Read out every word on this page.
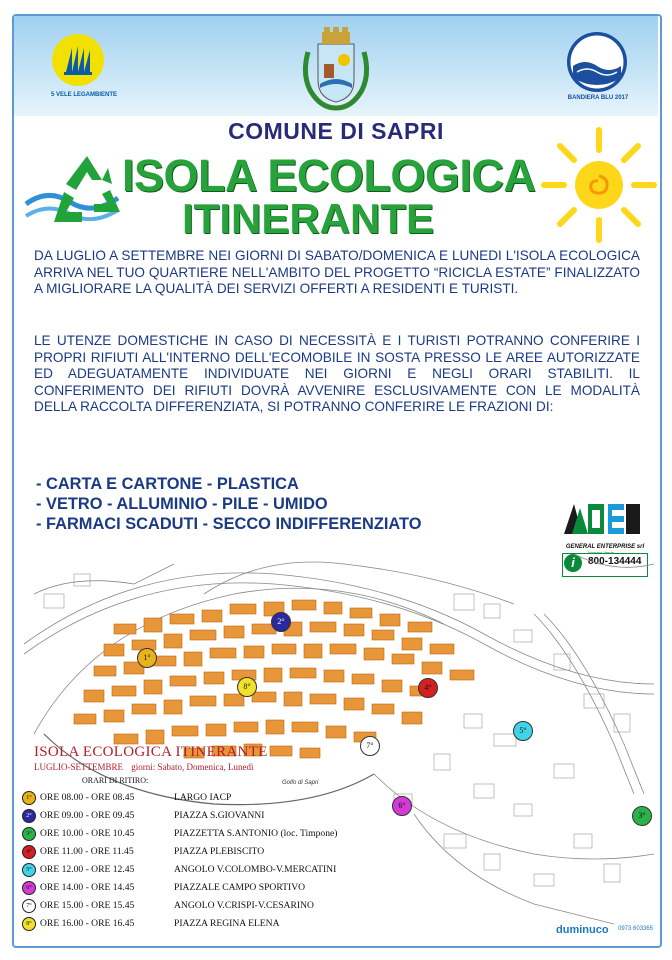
5 VELE LEGAMBIENTE	BANDIERA BLU 2017
COMUNE DI SAPRI
ISOLA ECOLOGICA
ITINERANTE
DA LUGLIO A SETTEMBRE NEI GIORNI DI SABATO/DOMENICA E LUNEDI L'ISOLA ECOLOGICA ARRIVA NEL TUO QUARTIERE NELL'AMBITO DEL PROGETTO “RICICLA ESTATE” FINALIZZATO A MIGLIORARE LA QUALITÀ DEI SERVIZI OFFERTI A RESIDENTI E TURISTI.
LE UTENZE DOMESTICHE IN CASO DI NECESSITÀ E I TURISTI POTRANNO CONFERIRE I PROPRI RIFIUTI ALL'INTERNO DELL'ECOMOBILE IN SOSTA PRESSO LE AREE AUTORIZZATE ED ADEGUATAMENTE INDIVIDUATE NEI GIORNI E NEGLI ORARI STABILITI. IL CONFERIMENTO DEI RIFIUTI DOVRÀ AVVENIRE ESCLUSIVAMENTE CON LE MODALITÀ DELLA RACCOLTA DIFFERENZIATA, SI POTRANNO CONFERIRE LE FRAZIONI DI:
- CARTA E CARTONE - PLASTICA
- VETRO - ALLUMINIO - PILE - UMIDO
- FARMACI SCADUTI - SECCO INDIFFERENZIATO
GENERAL ENTERPRISE srl
i
Numero Verde
800-134444
1°
2°
3°
4°
5°
6°
7°
8°
Golfo di Sapri
ISOLA ECOLOGICA ITINERANTE
LUGLIO-SETTEMBRE giorni: Sabato, Domenica, Lunedì
ORARI DI RITIRO:
1° ORE 08.00 - ORE 08.45	LARGO IACP
2° ORE 09.00 - ORE 09.45	PIAZZA S.GIOVANNI
3° ORE 10.00 - ORE 10.45	PIAZZETTA S.ANTONIO (loc. Timpone)
4° ORE 11.00 - ORE 11.45	PIAZZA PLEBISCITO
5° ORE 12.00 - ORE 12.45	ANGOLO V.COLOMBO-V.MERCATINI
6° ORE 14.00 - ORE 14.45	PIAZZALE CAMPO SPORTIVO
7° ORE 15.00 - ORE 15.45	ANGOLO V.CRISPI-V.CESARINO
8° ORE 16.00 - ORE 16.45	PIAZZA REGINA ELENA
duminuco 0973 603365
